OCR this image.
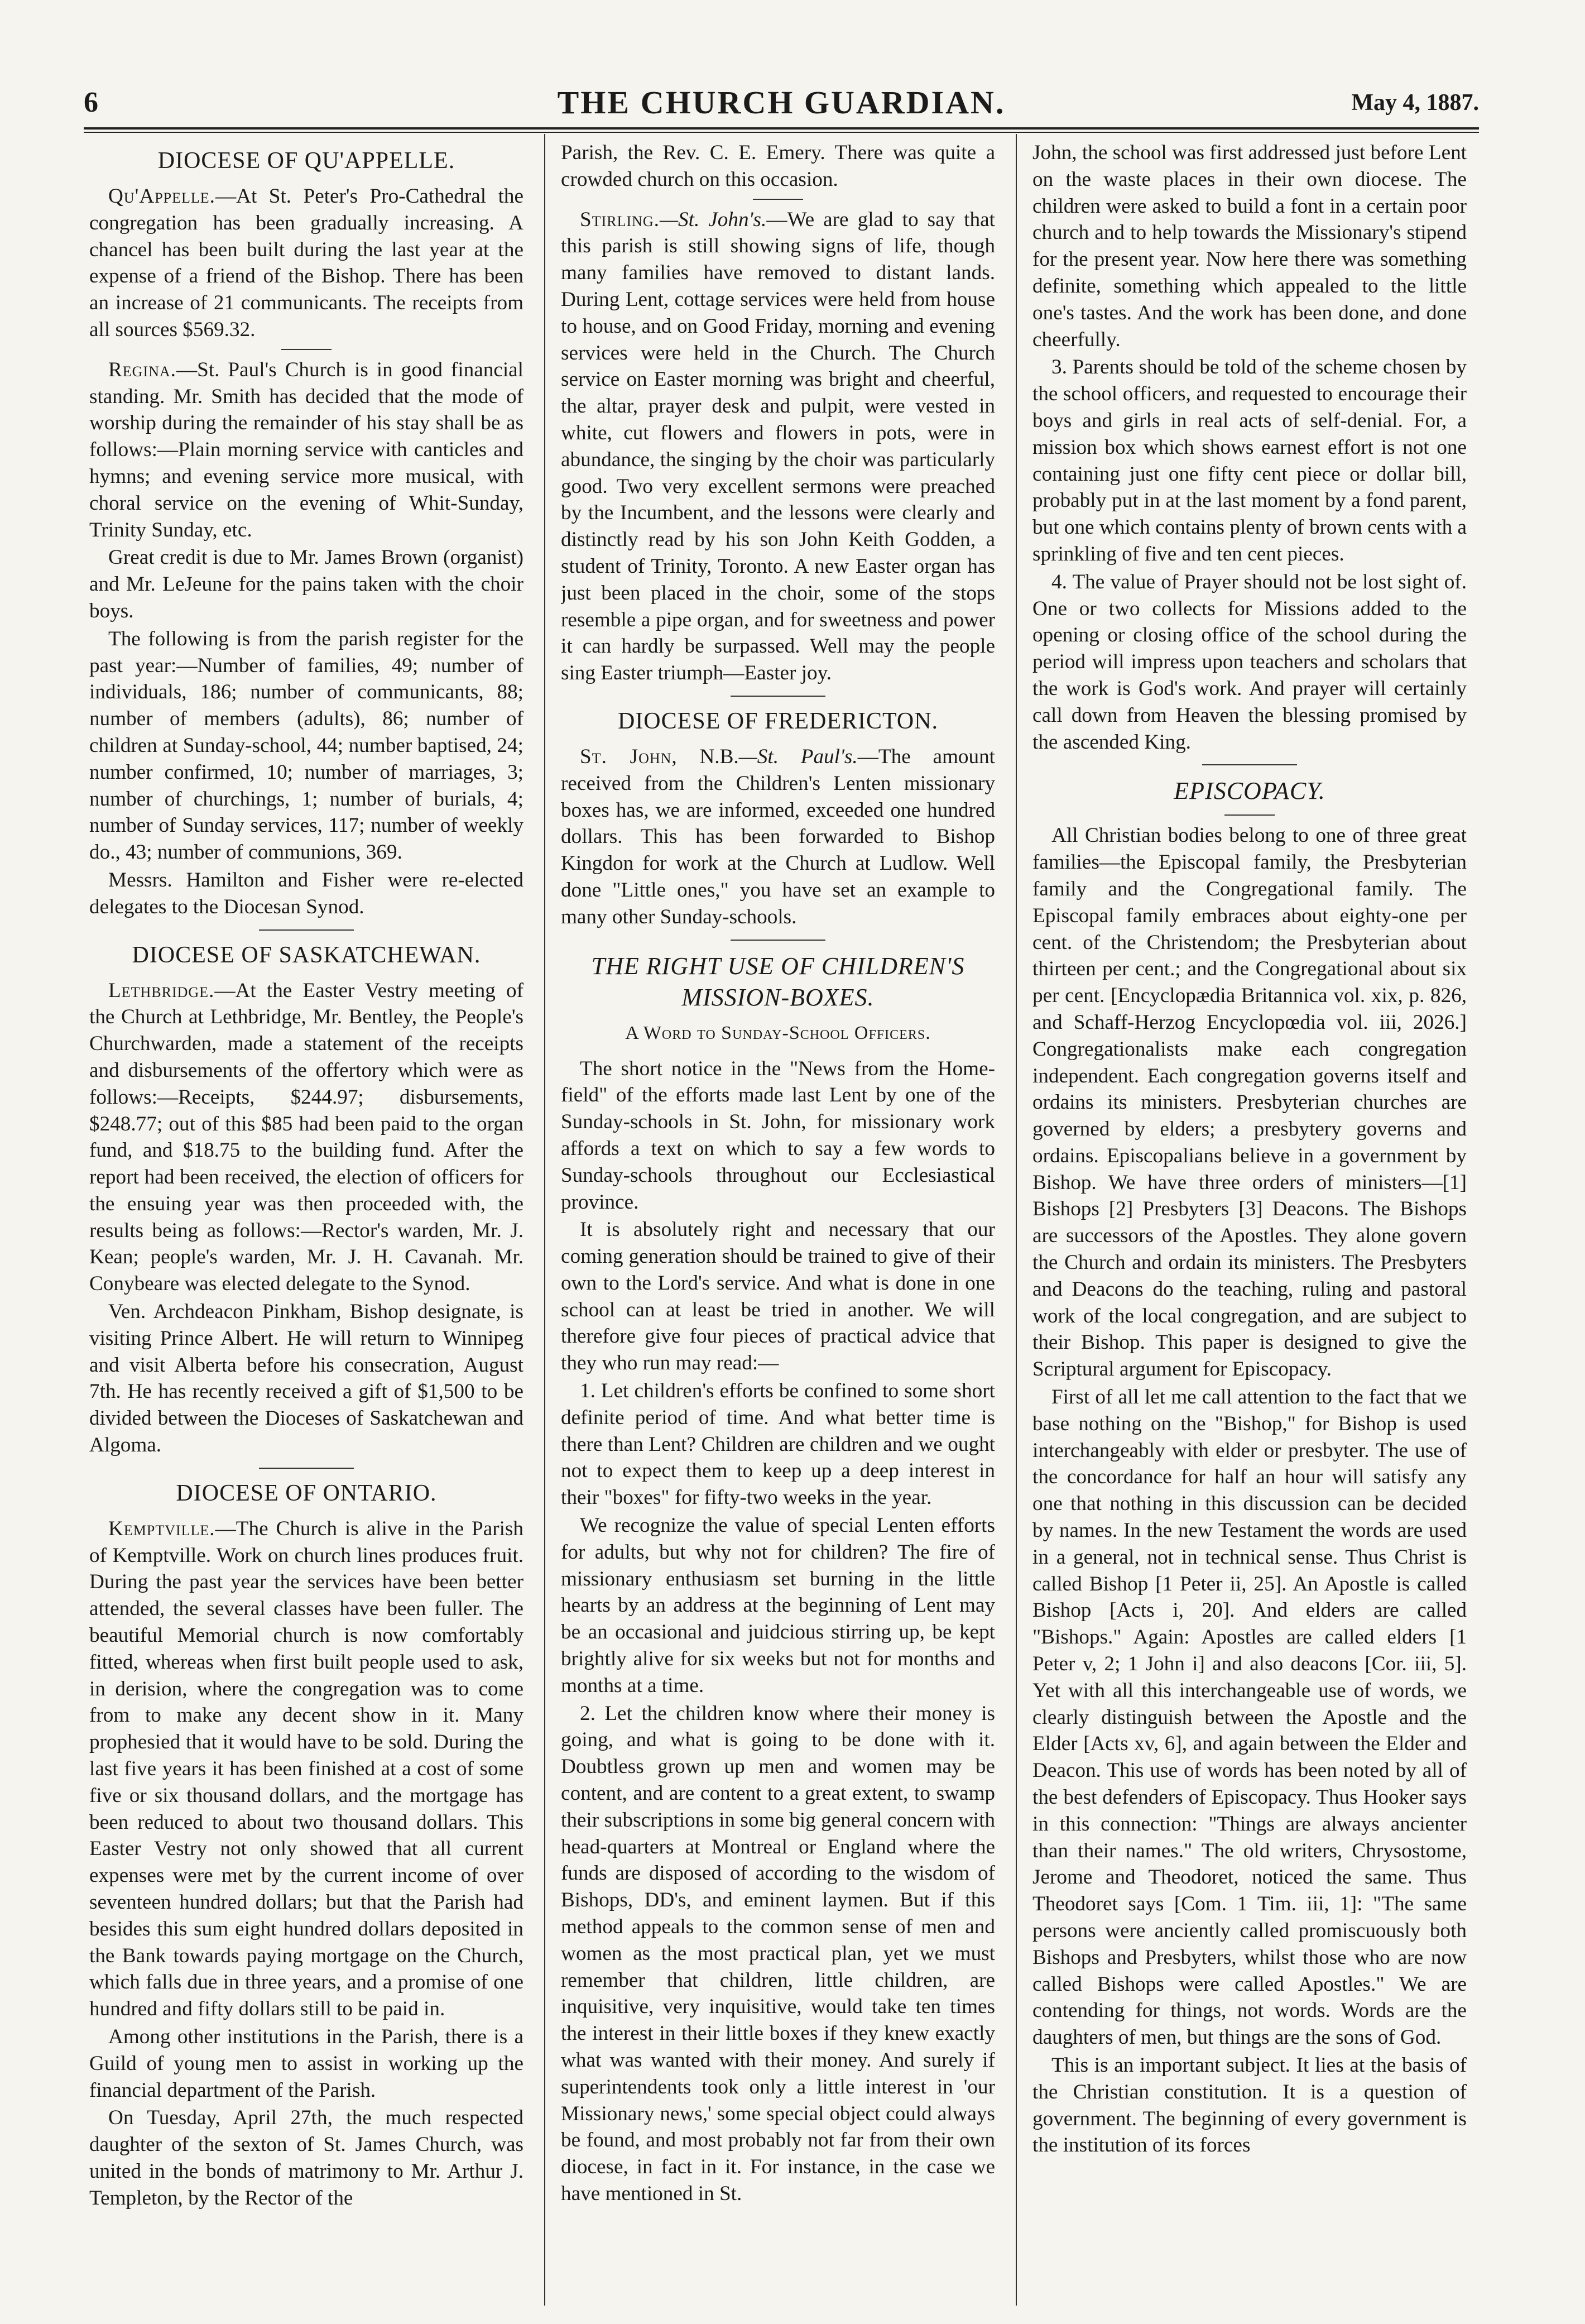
6	THE CHURCH GUARDIAN.	May 4, 1887.
DIOCESE OF QU'APPELLE.

Qu'Appelle.—At St. Peter's Pro-Cathedral the congregation has been gradually increasing. A chancel has been built during the last year at the expense of a friend of the Bishop. There has been an increase of 21 communicants. The receipts from all sources $569.32.

Regina.—St. Paul's Church is in good financial standing. Mr. Smith has decided that the mode of worship during the remainder of his stay shall be as follows:—Plain morning service with canticles and hymns; and evening service more musical, with choral service on the evening of Whit-Sunday, Trinity Sunday, etc.

Great credit is due to Mr. James Brown (organist) and Mr. LeJeune for the pains taken with the choir boys.

The following is from the parish register for the past year:—Number of families, 49; number of individuals, 186; number of communicants, 88; number of members (adults), 86; number of children at Sunday-school, 44; number baptised, 24; number confirmed, 10; number of marriages, 3; number of churchings, 1; number of burials, 4; number of Sunday services, 117; number of weekly do., 43; number of communions, 369.

Messrs. Hamilton and Fisher were re-elected delegates to the Diocesan Synod.

DIOCESE OF SASKATCHEWAN.

Lethbridge.—At the Easter Vestry meeting of the Church at Lethbridge, Mr. Bentley, the People's Churchwarden, made a statement of the receipts and disbursements of the offertory which were as follows:—Receipts, $244.97; disbursements, $248.77; out of this $85 had been paid to the organ fund, and $18.75 to the building fund. After the report had been received, the election of officers for the ensuing year was then proceeded with, the results being as follows:—Rector's warden, Mr. J. Kean; people's warden, Mr. J. H. Cavanah. Mr. Conybeare was elected delegate to the Synod.

Ven. Archdeacon Pinkham, Bishop designate, is visiting Prince Albert. He will return to Winnipeg and visit Alberta before his consecration, August 7th. He has recently received a gift of $1,500 to be divided between the Dioceses of Saskatchewan and Algoma.

DIOCESE OF ONTARIO.

Kemptville.—The Church is alive in the Parish of Kemptville. Work on church lines produces fruit. During the past year the services have been better attended, the several classes have been fuller. The beautiful Memorial church is now comfortably fitted, whereas when first built people used to ask, in derision, where the congregation was to come from to make any decent show in it. Many prophesied that it would have to be sold. During the last five years it has been finished at a cost of some five or six thousand dollars, and the mortgage has been reduced to about two thousand dollars. This Easter Vestry not only showed that all current expenses were met by the current income of over seventeen hundred dollars; but that the Parish had besides this sum eight hundred dollars deposited in the Bank towards paying mortgage on the Church, which falls due in three years, and a promise of one hundred and fifty dollars still to be paid in.

Among other institutions in the Parish, there is a Guild of young men to assist in working up the financial department of the Parish.

On Tuesday, April 27th, the much respected daughter of the sexton of St. James Church, was united in the bonds of matrimony to Mr. Arthur J. Templeton, by the Rector of the

Parish, the Rev. C. E. Emery. There was quite a crowded church on this occasion.

Stirling.—St. John's.—We are glad to say that this parish is still showing signs of life, though many families have removed to distant lands. During Lent, cottage services were held from house to house, and on Good Friday, morning and evening services were held in the Church. The Church service on Easter morning was bright and cheerful, the altar, prayer desk and pulpit, were vested in white, cut flowers and flowers in pots, were in abundance, the singing by the choir was particularly good. Two very excellent sermons were preached by the Incumbent, and the lessons were clearly and distinctly read by his son John Keith Godden, a student of Trinity, Toronto. A new Easter organ has just been placed in the choir, some of the stops resemble a pipe organ, and for sweetness and power it can hardly be surpassed. Well may the people sing Easter triumph—Easter joy.

DIOCESE OF FREDERICTON.

St. John, N.B.—St. Paul's.—The amount received from the Children's Lenten missionary boxes has, we are informed, exceeded one hundred dollars. This has been forwarded to Bishop Kingdon for work at the Church at Ludlow. Well done "Little ones," you have set an example to many other Sunday-schools.

THE RIGHT USE OF CHILDREN'S MISSION-BOXES.
A Word to Sunday-School Officers.

The short notice in the "News from the Home-field" of the efforts made last Lent by one of the Sunday-schools in St. John, for missionary work affords a text on which to say a few words to Sunday-schools throughout our Ecclesiastical province.

It is absolutely right and necessary that our coming generation should be trained to give of their own to the Lord's service. And what is done in one school can at least be tried in another. We will therefore give four pieces of practical advice that they who run may read:—

1. Let children's efforts be confined to some short definite period of time. And what better time is there than Lent? Children are children and we ought not to expect them to keep up a deep interest in their "boxes" for fifty-two weeks in the year.

We recognize the value of special Lenten efforts for adults, but why not for children? The fire of missionary enthusiasm set burning in the little hearts by an address at the beginning of Lent may be an occasional and juidcious stirring up, be kept brightly alive for six weeks but not for months and months at a time.

2. Let the children know where their money is going, and what is going to be done with it. Doubtless grown up men and women may be content, and are content to a great extent, to swamp their subscriptions in some big general concern with head-quarters at Montreal or England where the funds are disposed of according to the wisdom of Bishops, DD's, and eminent laymen. But if this method appeals to the common sense of men and women as the most practical plan, yet we must remember that children, little children, are inquisitive, very inquisitive, would take ten times the interest in their little boxes if they knew exactly what was wanted with their money. And surely if superintendents took only a little interest in 'our Missionary news,' some special object could always be found, and most probably not far from their own diocese, in fact in it. For instance, in the case we have mentioned in St.

John, the school was first addressed just before Lent on the waste places in their own diocese. The children were asked to build a font in a certain poor church and to help towards the Missionary's stipend for the present year. Now here there was something definite, something which appealed to the little one's tastes. And the work has been done, and done cheerfully.

3. Parents should be told of the scheme chosen by the school officers, and requested to encourage their boys and girls in real acts of self-denial. For, a mission box which shows earnest effort is not one containing just one fifty cent piece or dollar bill, probably put in at the last moment by a fond parent, but one which contains plenty of brown cents with a sprinkling of five and ten cent pieces.

4. The value of Prayer should not be lost sight of. One or two collects for Missions added to the opening or closing office of the school during the period will impress upon teachers and scholars that the work is God's work. And prayer will certainly call down from Heaven the blessing promised by the ascended King.

EPISCOPACY.

All Christian bodies belong to one of three great families—the Episcopal family, the Presbyterian family and the Congregational family. The Episcopal family embraces about eighty-one per cent. of the Christendom; the Presbyterian about thirteen per cent.; and the Congregational about six per cent. [Encyclopædia Britannica vol. xix, p. 826, and Schaff-Herzog Encyclopœdia vol. iii, 2026.] Congregationalists make each congregation independent. Each congregation governs itself and ordains its ministers. Presbyterian churches are governed by elders; a presbytery governs and ordains. Episcopalians believe in a government by Bishop. We have three orders of ministers—[1] Bishops [2] Presbyters [3] Deacons. The Bishops are successors of the Apostles. They alone govern the Church and ordain its ministers. The Presbyters and Deacons do the teaching, ruling and pastoral work of the local congregation, and are subject to their Bishop. This paper is designed to give the Scriptural argument for Episcopacy.

First of all let me call attention to the fact that we base nothing on the "Bishop," for Bishop is used interchangeably with elder or presbyter. The use of the concordance for half an hour will satisfy any one that nothing in this discussion can be decided by names. In the new Testament the words are used in a general, not in technical sense. Thus Christ is called Bishop [1 Peter ii, 25]. An Apostle is called Bishop [Acts i, 20]. And elders are called "Bishops." Again: Apostles are called elders [1 Peter v, 2; 1 John i] and also deacons [Cor. iii, 5]. Yet with all this interchangeable use of words, we clearly distinguish between the Apostle and the Elder [Acts xv, 6], and again between the Elder and Deacon. This use of words has been noted by all of the best defenders of Episcopacy. Thus Hooker says in this connection: "Things are always ancienter than their names." The old writers, Chrysostome, Jerome and Theodoret, noticed the same. Thus Theodoret says [Com. 1 Tim. iii, 1]: "The same persons were anciently called promiscuously both Bishops and Presbyters, whilst those who are now called Bishops were called Apostles." We are contending for things, not words. Words are the daughters of men, but things are the sons of God.

This is an important subject. It lies at the basis of the Christian constitution. It is a question of government. The beginning of every government is the institution of its forces
